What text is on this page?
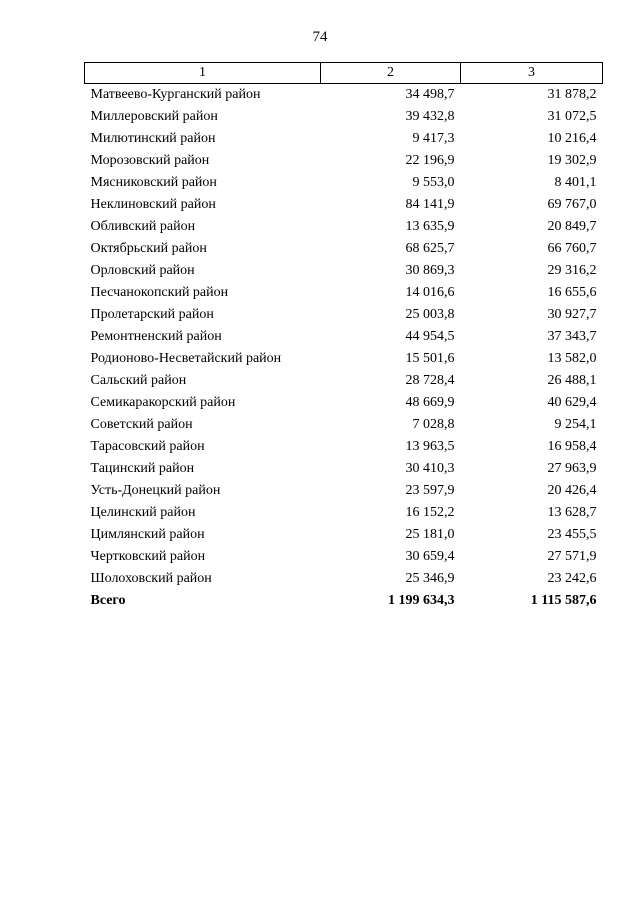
74
1	2	3
Матвеево-Курганский район	34 498,7	31 878,2
Миллеровский район	39 432,8	31 072,5
Милютинский район	9 417,3	10 216,4
Морозовский район	22 196,9	19 302,9
Мясниковский район	9 553,0	8 401,1
Неклиновский район	84 141,9	69 767,0
Обливский район	13 635,9	20 849,7
Октябрьский район	68 625,7	66 760,7
Орловский район	30 869,3	29 316,2
Песчанокопский район	14 016,6	16 655,6
Пролетарский район	25 003,8	30 927,7
Ремонтненский район	44 954,5	37 343,7
Родионово-Несветайский район	15 501,6	13 582,0
Сальский район	28 728,4	26 488,1
Семикаракорский район	48 669,9	40 629,4
Советский район	7 028,8	9 254,1
Тарасовский район	13 963,5	16 958,4
Тацинский район	30 410,3	27 963,9
Усть-Донецкий район	23 597,9	20 426,4
Целинский район	16 152,2	13 628,7
Цимлянский район	25 181,0	23 455,5
Чертковский район	30 659,4	27 571,9
Шолоховский район	25 346,9	23 242,6
Всего	1 199 634,3	1 115 587,6
